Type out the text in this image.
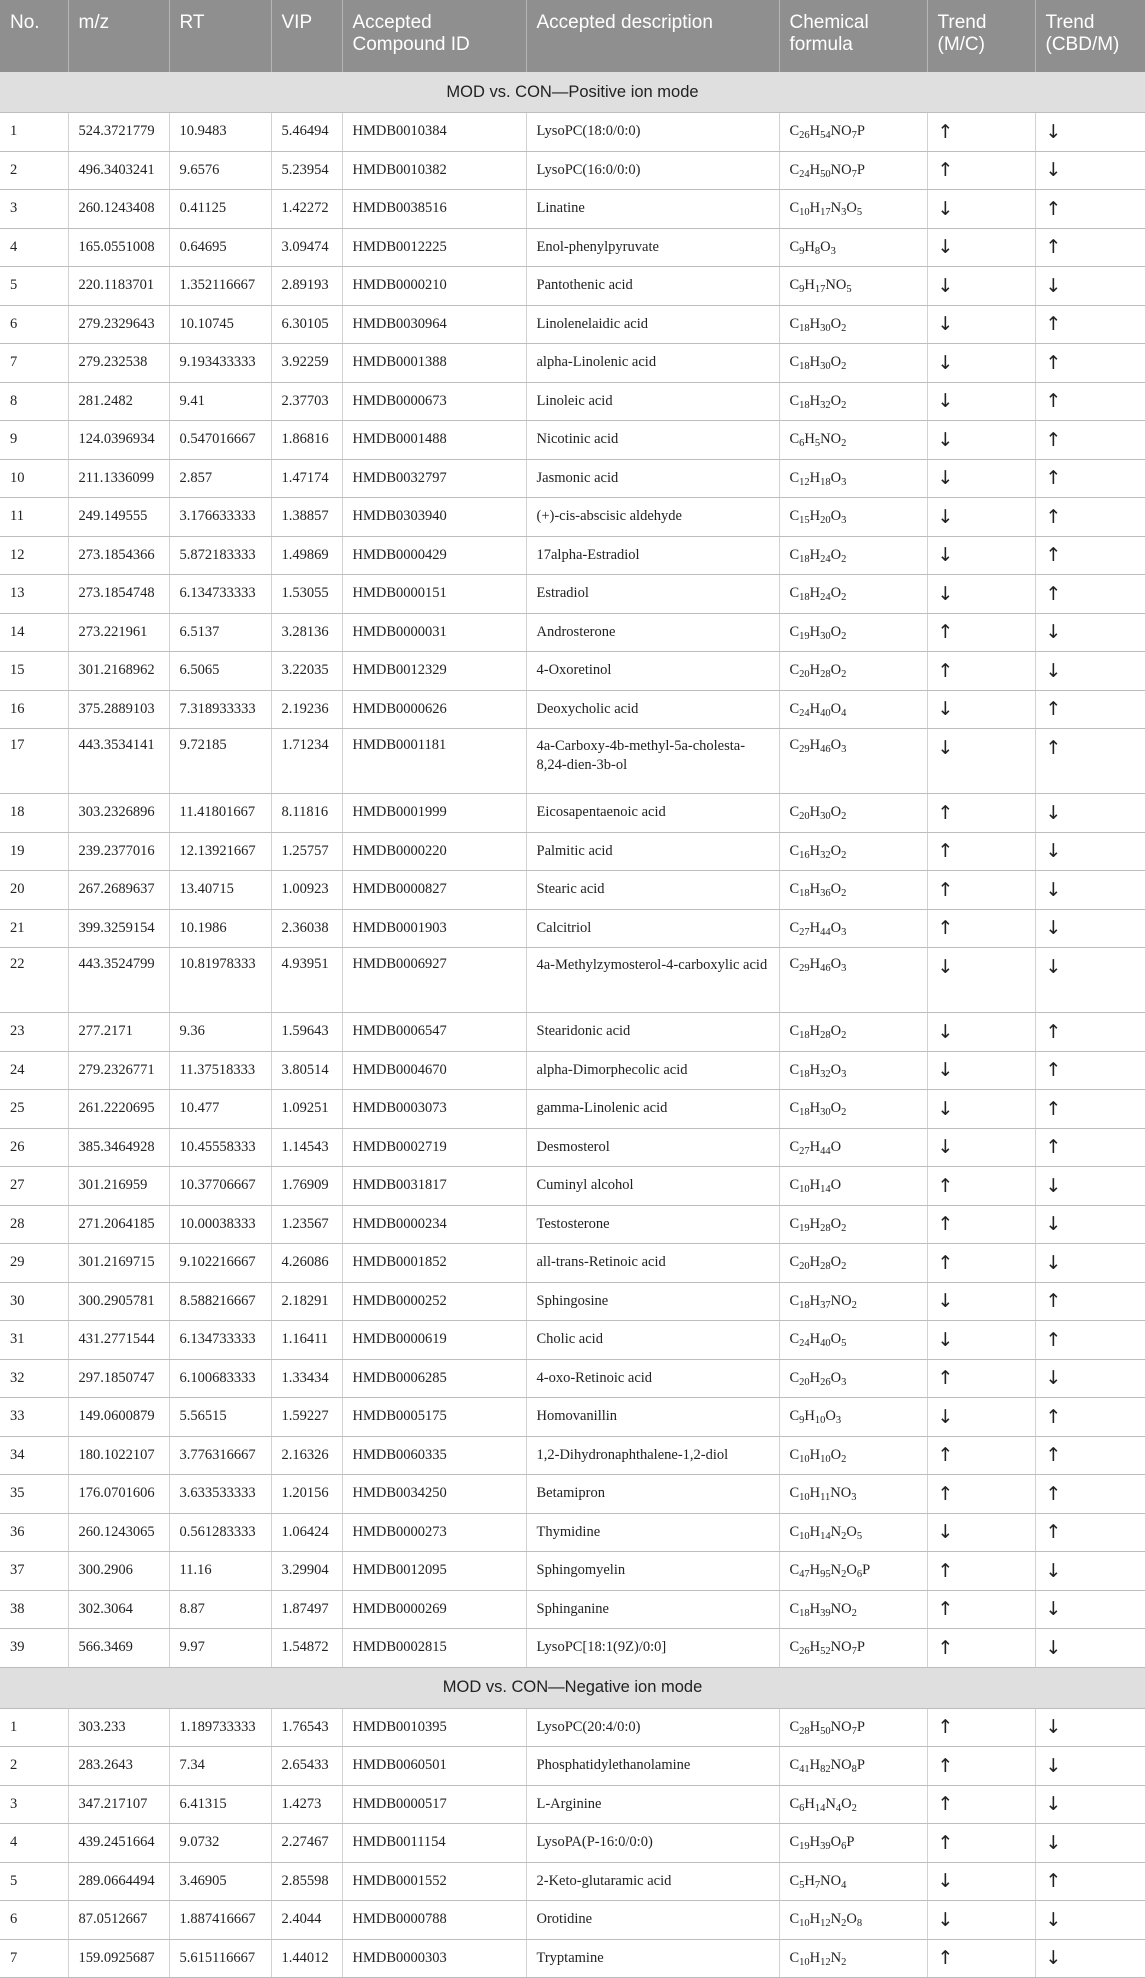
No.	m/z	RT	VIP	Accepted Compound ID	Accepted description	Chemical formula	Trend (M/C)	Trend (CBD/M)
MOD vs. CON—Positive ion mode								
1	524.3721779	10.9483	5.46494	HMDB0010384	LysoPC(18:0/0:0)	$C_{26}H_{54}NO_7P$	↑	↓
2	496.3403241	9.6576	5.23954	HMDB0010382	LysoPC(16:0/0:0)	$C_{24}H_{50}NO_7P$	↑	↓
3	260.1243408	0.41125	1.42272	HMDB0038516	Linatine	$C_{10}H_{17}N_3O_5$	↓	↑
4	165.0551008	0.64695	3.09474	HMDB0012225	Enol-phenylpyruvate	$C_9H_8O_3$	↓	↑
5	220.1183701	1.352116667	2.89193	HMDB0000210	Pantothenic acid	$C_9H_{17}NO_5$	↓	↓
6	279.2329643	10.10745	6.30105	HMDB0030964	Linolenelaidic acid	$C_{18}H_{30}O_2$	↓	↑
7	279.232538	9.193433333	3.92259	HMDB0001388	alpha-Linolenic acid	$C_{18}H_{30}O_2$	↓	↑
8	281.2482	9.41	2.37703	HMDB0000673	Linoleic acid	$C_{18}H_{32}O_2$	↓	↑
9	124.0396934	0.547016667	1.86816	HMDB0001488	Nicotinic acid	$C_6H_5NO_2$	↓	↑
10	211.1336099	2.857	1.47174	HMDB0032797	Jasmonic acid	$C_{12}H_{18}O_3$	↓	↑
11	249.149555	3.176633333	1.38857	HMDB0303940	(+)-cis-abscisic aldehyde	$C_{15}H_{20}O_3$	↓	↑
12	273.1854366	5.872183333	1.49869	HMDB0000429	17alpha-Estradiol	$C_{18}H_{24}O_2$	↓	↑
13	273.1854748	6.134733333	1.53055	HMDB0000151	Estradiol	$C_{18}H_{24}O_2$	↓	↑
14	273.221961	6.5137	3.28136	HMDB0000031	Androsterone	$C_{19}H_{30}O_2$	↑	↓
15	301.2168962	6.5065	3.22035	HMDB0012329	4-Oxoretinol	$C_{20}H_{28}O_2$	↑	↓
16	375.2889103	7.318933333	2.19236	HMDB0000626	Deoxycholic acid	$C_{24}H_{40}O_4$	↓	↑
17	443.3534141	9.72185	1.71234	HMDB0001181	4a-Carboxy-4b-methyl-5a-cholesta-8,24-dien-3b-ol	$C_{29}H_{46}O_3$	↓	↑
18	303.2326896	11.41801667	8.11816	HMDB0001999	Eicosapentaenoic acid	$C_{20}H_{30}O_2$	↑	↓
19	239.2377016	12.13921667	1.25757	HMDB0000220	Palmitic acid	$C_{16}H_{32}O_2$	↑	↓
20	267.2689637	13.40715	1.00923	HMDB0000827	Stearic acid	$C_{18}H_{36}O_2$	↑	↓
21	399.3259154	10.1986	2.36038	HMDB0001903	Calcitriol	$C_{27}H_{44}O_3$	↑	↓
22	443.3524799	10.81978333	4.93951	HMDB0006927	4a-Methylzymosterol-4-carboxylic acid	$C_{29}H_{46}O_3$	↓	↓
23	277.2171	9.36	1.59643	HMDB0006547	Stearidonic acid	$C_{18}H_{28}O_2$	↓	↑
24	279.2326771	11.37518333	3.80514	HMDB0004670	alpha-Dimorphecolic acid	$C_{18}H_{32}O_3$	↓	↑
25	261.2220695	10.477	1.09251	HMDB0003073	gamma-Linolenic acid	$C_{18}H_{30}O_2$	↓	↑
26	385.3464928	10.45558333	1.14543	HMDB0002719	Desmosterol	$C_{27}H_{44}O$	↓	↑
27	301.216959	10.37706667	1.76909	HMDB0031817	Cuminyl alcohol	$C_{10}H_{14}O$	↑	↓
28	271.2064185	10.00038333	1.23567	HMDB0000234	Testosterone	$C_{19}H_{28}O_2$	↑	↓
29	301.2169715	9.102216667	4.26086	HMDB0001852	all-trans-Retinoic acid	$C_{20}H_{28}O_2$	↑	↓
30	300.2905781	8.588216667	2.18291	HMDB0000252	Sphingosine	$C_{18}H_{37}NO_2$	↓	↑
31	431.2771544	6.134733333	1.16411	HMDB0000619	Cholic acid	$C_{24}H_{40}O_5$	↓	↑
32	297.1850747	6.100683333	1.33434	HMDB0006285	4-oxo-Retinoic acid	$C_{20}H_{26}O_3$	↑	↓
33	149.0600879	5.56515	1.59227	HMDB0005175	Homovanillin	$C_9H_{10}O_3$	↓	↑
34	180.1022107	3.776316667	2.16326	HMDB0060335	1,2-Dihydronaphthalene-1,2-diol	$C_{10}H_{10}O_2$	↑	↑
35	176.0701606	3.633533333	1.20156	HMDB0034250	Betamipron	$C_{10}H_{11}NO_3$	↑	↑
36	260.1243065	0.561283333	1.06424	HMDB0000273	Thymidine	$C_{10}H_{14}N_2O_5$	↓	↑
37	300.2906	11.16	3.29904	HMDB0012095	Sphingomyelin	$C_{47}H_{95}N_2O_6P$	↑	↓
38	302.3064	8.87	1.87497	HMDB0000269	Sphinganine	$C_{18}H_{39}NO_2$	↑	↓
39	566.3469	9.97	1.54872	HMDB0002815	LysoPC[18:1(9Z)/0:0]	$C_{26}H_{52}NO_7P$	↑	↓
MOD vs. CON—Negative ion mode								
1	303.233	1.189733333	1.76543	HMDB0010395	LysoPC(20:4/0:0)	$C_{28}H_{50}NO_7P$	↑	↓
2	283.2643	7.34	2.65433	HMDB0060501	Phosphatidylethanolamine	$C_{41}H_{82}NO_8P$	↑	↓
3	347.217107	6.41315	1.4273	HMDB0000517	L-Arginine	$C_6H_{14}N_4O_2$	↑	↓
4	439.2451664	9.0732	2.27467	HMDB0011154	LysoPA(P-16:0/0:0)	$C_{19}H_{39}O_6P$	↑	↓
5	289.0664494	3.46905	2.85598	HMDB0001552	2-Keto-glutaramic acid	$C_5H_7NO_4$	↓	↑
6	87.0512667	1.887416667	2.4044	HMDB0000788	Orotidine	$C_{10}H_{12}N_2O_8$	↓	↓
7	159.0925687	5.615116667	1.44012	HMDB0000303	Tryptamine	$C_{10}H_{12}N_2$	↑	↓
